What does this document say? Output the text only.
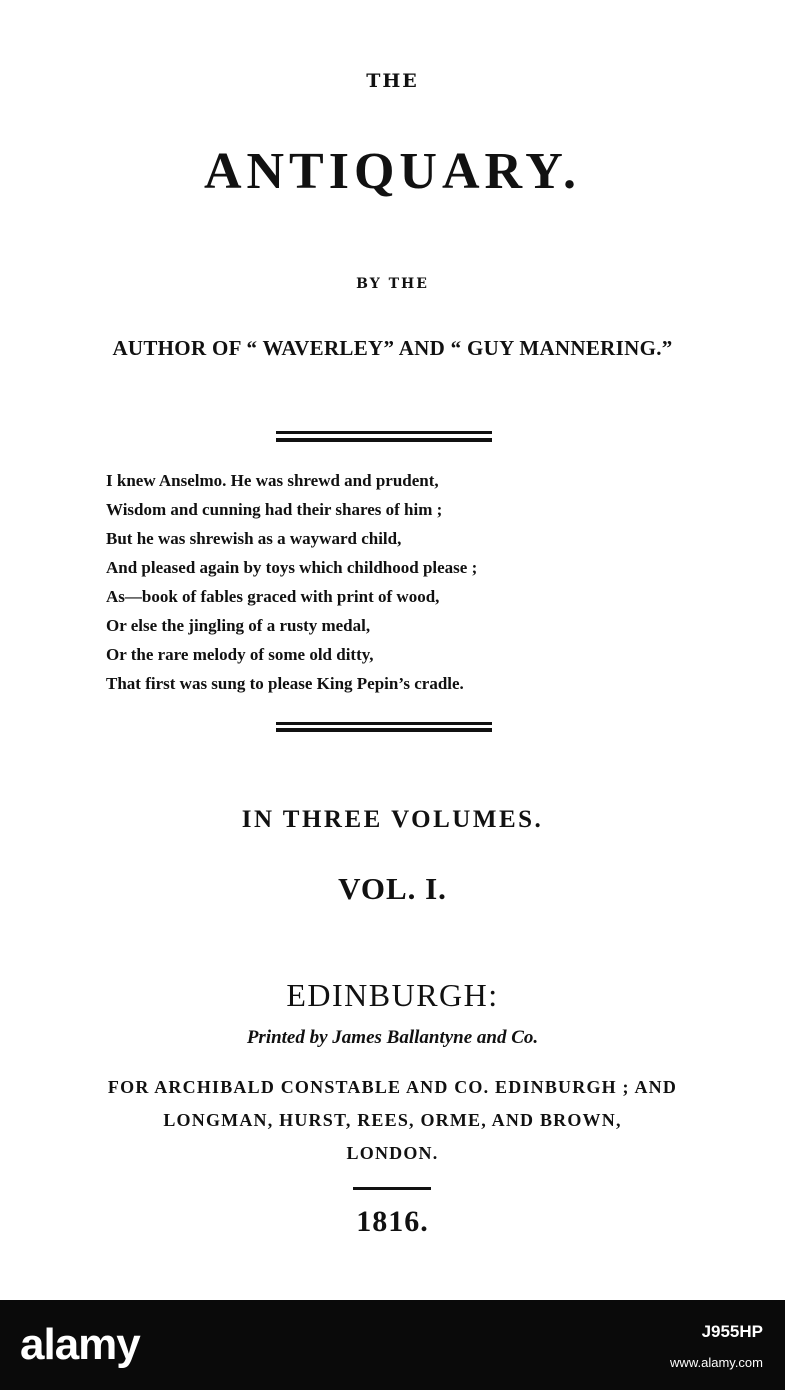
THE
ANTIQUARY.
BY THE
AUTHOR OF “ WAVERLEY” AND “ GUY MANNERING.”
I knew Anselmo. He was shrewd and prudent,
Wisdom and cunning had their shares of him ;
But he was shrewish as a wayward child,
And pleased again by toys which childhood please ;
As—book of fables graced with print of wood,
Or else the jingling of a rusty medal,
Or the rare melody of some old ditty,
That first was sung to please King Pepin’s cradle.
IN THREE VOLUMES.
VOL. I.
EDINBURGH:
Printed by James Ballantyne and Co.
FOR ARCHIBALD CONSTABLE AND CO. EDINBURGH ; AND
LONGMAN, HURST, REES, ORME, AND BROWN,
LONDON.
1816.
alamy	J955HP
www.alamy.com
